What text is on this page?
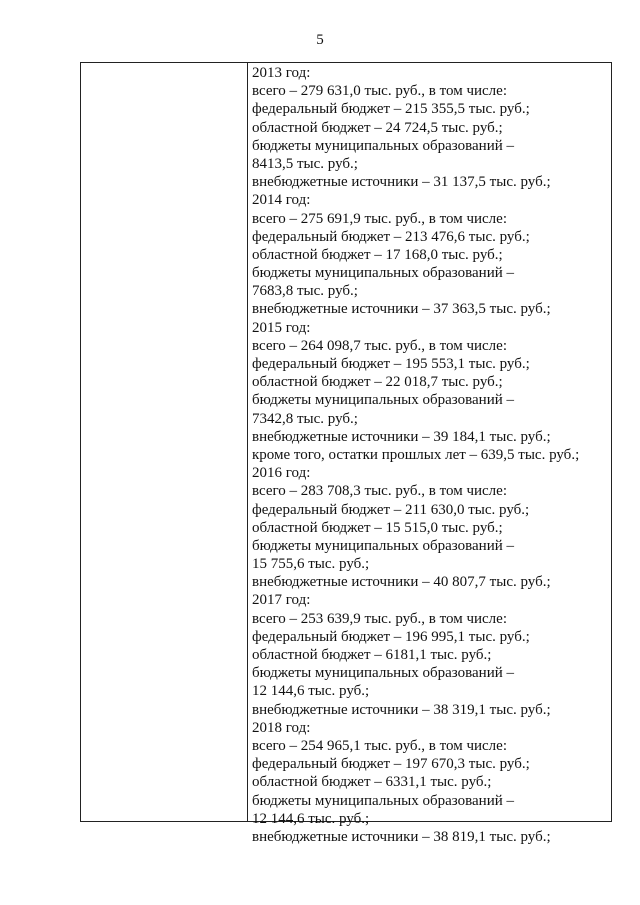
5
2013 год:
всего – 279 631,0 тыс. руб., в том числе:
федеральный бюджет – 215 355,5 тыс. руб.;
областной бюджет – 24 724,5 тыс. руб.;
бюджеты муниципальных образований –
8413,5 тыс. руб.;
внебюджетные источники – 31 137,5 тыс. руб.;
2014 год:
всего – 275 691,9 тыс. руб., в том числе:
федеральный бюджет – 213 476,6 тыс. руб.;
областной бюджет – 17 168,0 тыс. руб.;
бюджеты муниципальных образований –
7683,8 тыс. руб.;
внебюджетные источники – 37 363,5 тыс. руб.;
2015 год:
всего – 264 098,7 тыс. руб., в том числе:
федеральный бюджет – 195 553,1 тыс. руб.;
областной бюджет – 22 018,7 тыс. руб.;
бюджеты муниципальных образований –
7342,8 тыс. руб.;
внебюджетные источники – 39 184,1 тыс. руб.;
кроме того, остатки прошлых лет – 639,5 тыс. руб.;
2016 год:
всего – 283 708,3 тыс. руб., в том числе:
федеральный бюджет – 211 630,0 тыс. руб.;
областной бюджет – 15 515,0 тыс. руб.;
бюджеты муниципальных образований –
15 755,6 тыс. руб.;
внебюджетные источники – 40 807,7 тыс. руб.;
2017 год:
всего – 253 639,9 тыс. руб., в том числе:
федеральный бюджет – 196 995,1 тыс. руб.;
областной бюджет – 6181,1 тыс. руб.;
бюджеты муниципальных образований –
12 144,6 тыс. руб.;
внебюджетные источники – 38 319,1 тыс. руб.;
2018 год:
всего – 254 965,1 тыс. руб., в том числе:
федеральный бюджет – 197 670,3 тыс. руб.;
областной бюджет – 6331,1 тыс. руб.;
бюджеты муниципальных образований –
12 144,6 тыс. руб.;
внебюджетные источники – 38 819,1 тыс. руб.;
